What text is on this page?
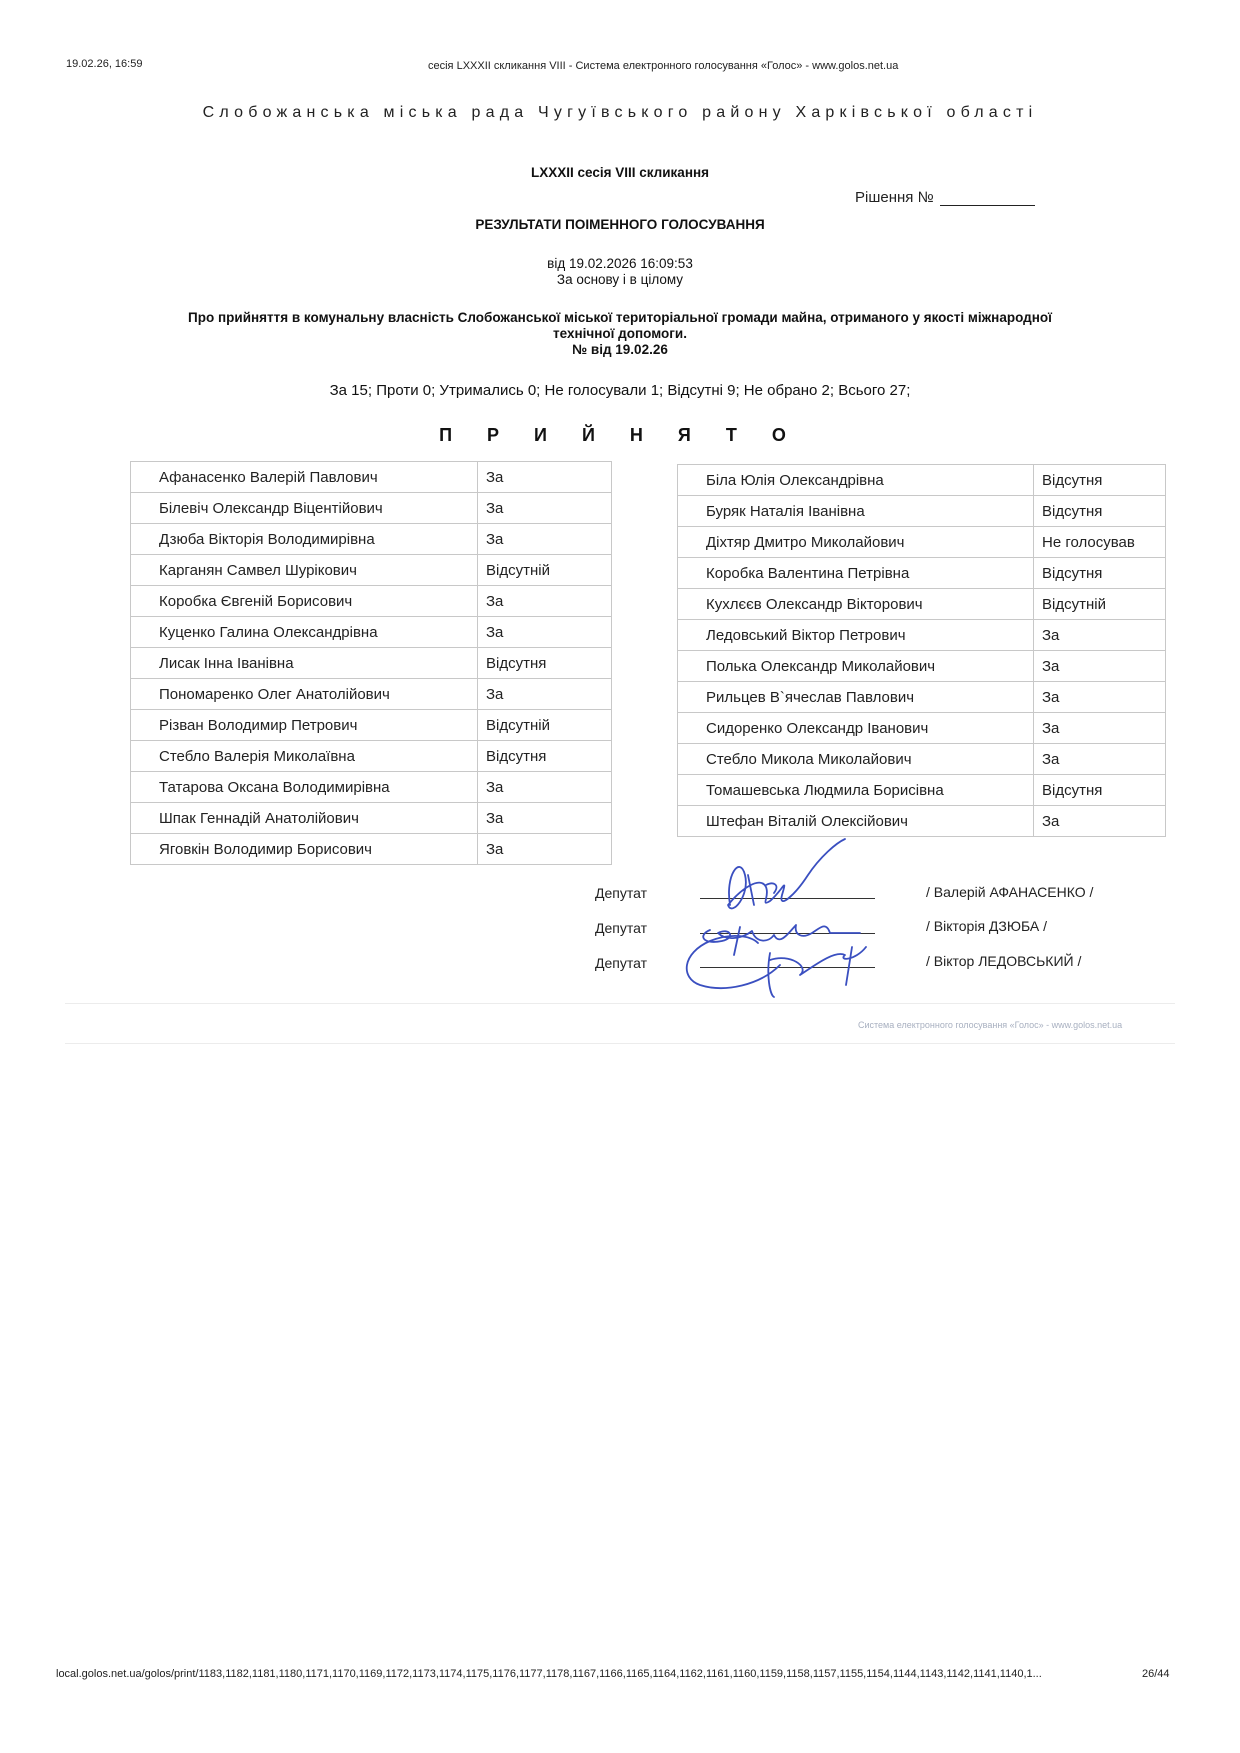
19.02.26, 16:59	сесія LXXXII скликання VIII - Система електронного голосування «Голос» - www.golos.net.ua
Слобожанська міська рада Чугуївського району Харківської області
LXXXII сесія VIII скликання
Рішення №
РЕЗУЛЬТАТИ ПОІМЕННОГО ГОЛОСУВАННЯ
від 19.02.2026 16:09:53
За основу і в цілому
Про прийняття в комунальну власність Слобожанської міської територіальної громади майна, отриманого у якості міжнародної
технічної допомоги.
№ від 19.02.26
За 15; Проти 0; Утримались 0; Не голосували 1; Відсутні 9; Не обрано 2; Всього 27;
П Р И Й Н Я Т О
Афанасенко Валерій Павлович	За
Білевіч Олександр Віцентійович	За
Дзюба Вікторія Володимирівна	За
Карганян Самвел Шурікович	Відсутній
Коробка Євгеній Борисович	За
Куценко Галина Олександрівна	За
Лисак Інна Іванівна	Відсутня
Пономаренко Олег Анатолійович	За
Різван Володимир Петрович	Відсутній
Стебло Валерія Миколаївна	Відсутня
Татарова Оксана Володимирівна	За
Шпак Геннадій Анатолійович	За
Яговкін Володимир Борисович	За
Біла Юлія Олександрівна	Відсутня
Буряк Наталія Іванівна	Відсутня
Діхтяр Дмитро Миколайович	Не голосував
Коробка Валентина Петрівна	Відсутня
Кухлєєв Олександр Вікторович	Відсутній
Ледовський Віктор Петрович	За
Полька Олександр Миколайович	За
Рильцев В`ячеслав Павлович	За
Сидоренко Олександр Іванович	За
Стебло Микола Миколайович	За
Томашевська Людмила Борисівна	Відсутня
Штефан Віталій Олексійович	За
Депутат	/ Валерій АФАНАСЕНКО /
Депутат	/ Вікторія ДЗЮБА /
Депутат	/ Віктор ЛЕДОВСЬКИЙ /
Система електронного голосування «Голос» - www.golos.net.ua
local.golos.net.ua/golos/print/1183,1182,1181,1180,1171,1170,1169,1172,1173,1174,1175,1176,1177,1178,1167,1166,1165,1164,1162,1161,1160,1159,1158,1157,1155,1154,1144,1143,1142,1141,1140,1...	26/44
